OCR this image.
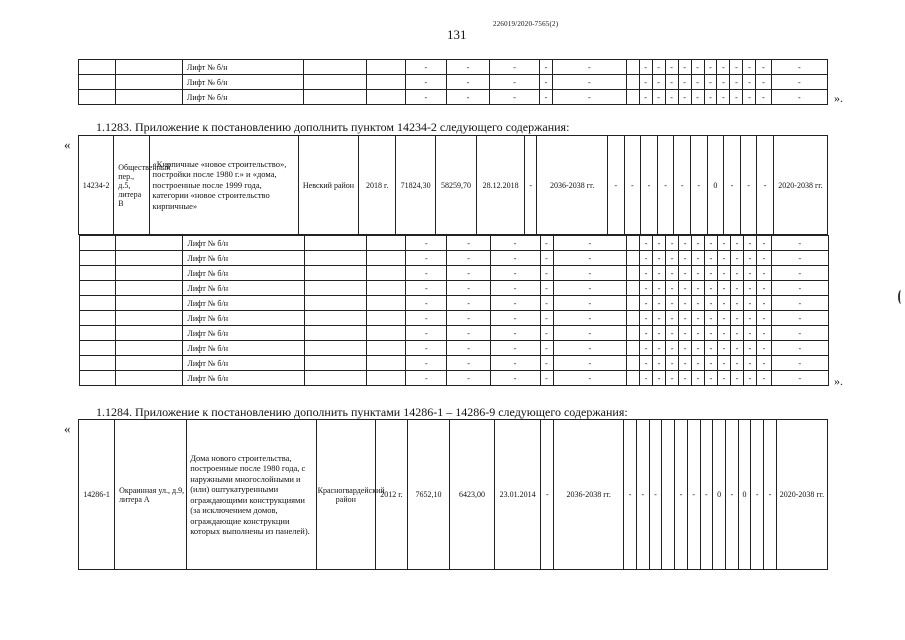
226019/2020-7565(2)
131
		Лифт № б/н			-	-	-	-	-		-	-	-	-	-	-	-	-	-	-	-
		Лифт № б/н			-	-	-	-	-		-	-	-	-	-	-	-	-	-	-	-
		Лифт № б/н			-	-	-	-	-		-	-	-	-	-	-	-	-	-	-	-	».
«
1.1283. Приложение к постановлению дополнить пунктом 14234-2 следующего содержания:
14234-2	Общественный пер., д.5, литера В	«Кирпичные «новое строительство», постройки после 1980 г.» и «дома, построенные после 1999 года, категории «новое строительство кирпичные»	Невский район	2018 г.	71824,30	58259,70	28.12.2018	-	2036-2038 гг.	-	-	-	-	-	-	0	-	-	-	2020-2038 гг.

		Лифт № б/н			-	-	-	-	-		-	-	-	-	-	-	-	-	-	-	-
		Лифт № б/н			-	-	-	-	-		-	-	-	-	-	-	-	-	-	-	-
		Лифт № б/н			-	-	-	-	-		-	-	-	-	-	-	-	-	-	-	-
		Лифт № б/н			-	-	-	-	-		-	-	-	-	-	-	-	-	-	-	-
		Лифт № б/н			-	-	-	-	-		-	-	-	-	-	-	-	-	-	-	-
		Лифт № б/н			-	-	-	-	-		-	-	-	-	-	-	-	-	-	-	-
		Лифт № б/н			-	-	-	-	-		-	-	-	-	-	-	-	-	-	-	-
		Лифт № б/н			-	-	-	-	-		-	-	-	-	-	-	-	-	-	-	-
		Лифт № б/н			-	-	-	-	-		-	-	-	-	-	-	-	-	-	-	-
		Лифт № б/н			-	-	-	-	-		-	-	-	-	-	-	-	-	-	-	-	».
1.1284. Приложение к постановлению дополнить пунктами 14286-1 – 14286-9 следующего содержания:
«
14286-1	Окраинная ул., д.9, литера А	Дома нового строительства, построенные после 1980 года, с наружными многослойными и (или) оштукатуренными ограждающими конструкциями (за исключением домов, ограждающие конструкции которых выполнены из панелей).	Красногвардейский район	2012 г.	7652,10	6423,00	23.01.2014	-	2036-2038 гг.	-	-	-		-	-	-	0	-	0	-	-	2020-2038 гг.
